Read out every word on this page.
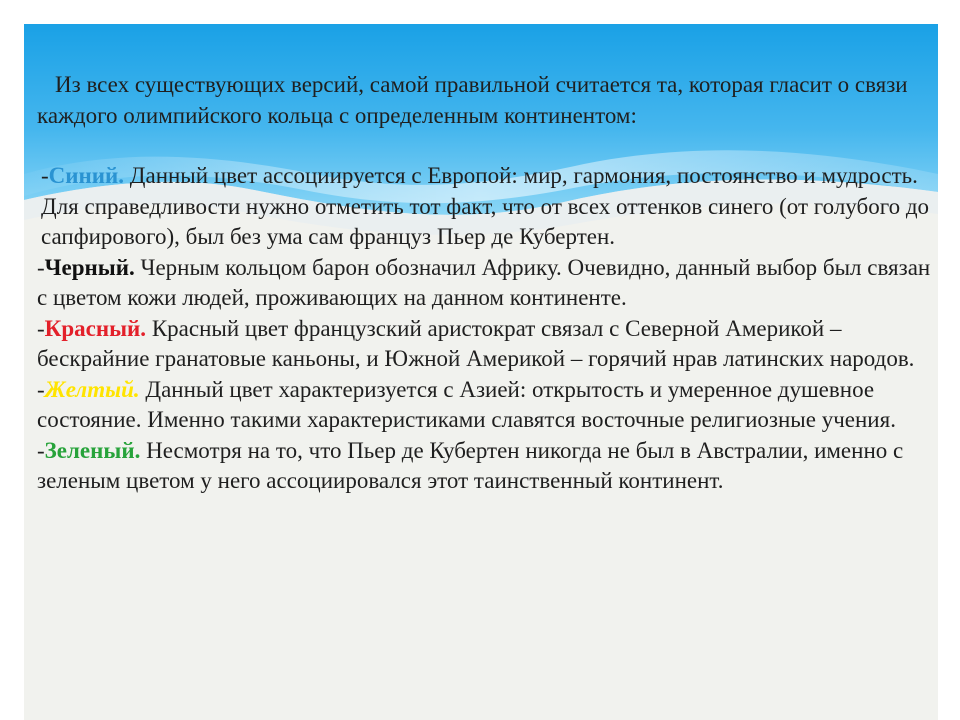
Из всех существующих версий, самой правильной считается та, которая гласит о связи каждого олимпийского кольца с определенным континентом:

-Синий. Данный цвет ассоциируется с Европой: мир, гармония, постоянство и мудрость. Для справедливости нужно отметить тот факт, что от всех оттенков синего (от голубого до сапфирового), был без ума сам француз Пьер де Кубертен.

-Черный. Черным кольцом барон обозначил Африку. Очевидно, данный выбор был связан с цветом кожи людей, проживающих на данном континенте.

-Красный. Красный цвет французский аристократ связал с Северной Америкой – бескрайние гранатовые каньоны, и Южной Америкой – горячий нрав латинских народов.

-Желтый. Данный цвет характеризуется с Азией: открытость и умеренное душевное состояние. Именно такими характеристиками славятся восточные религиозные учения.

-Зеленый. Несмотря на то, что Пьер де Кубертен никогда не был в Австралии, именно с зеленым цветом у него ассоциировался этот таинственный континент.
